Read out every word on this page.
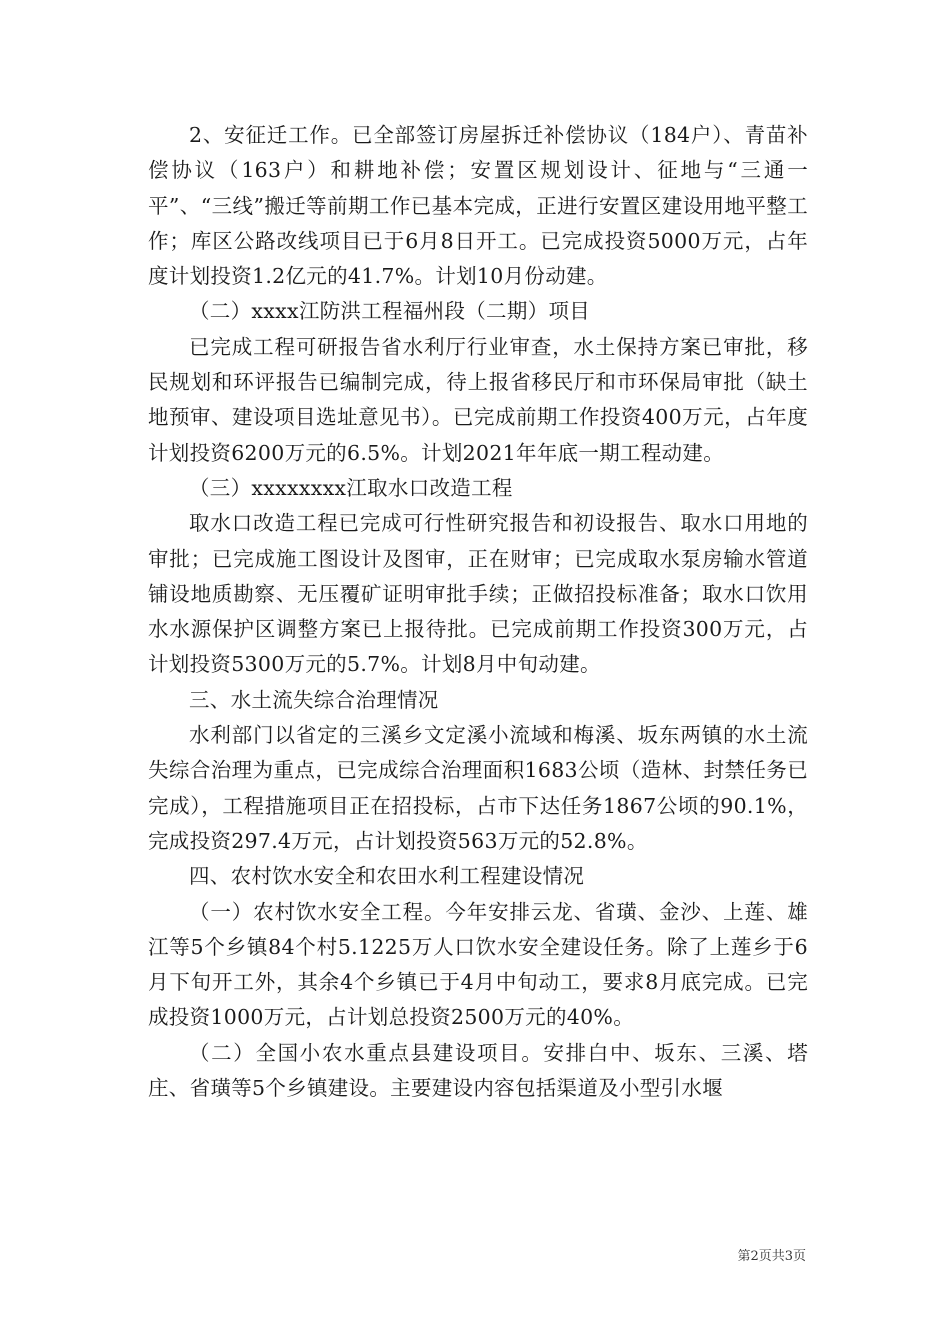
2、安征迁工作。已全部签订房屋拆迁补偿协议（184户）、青苗补偿协议（163户）和耕地补偿；安置区规划设计、征地与“三通一平”、“三线”搬迁等前期工作已基本完成，正进行安置区建设用地平整工作；库区公路改线项目已于6月8日开工。已完成投资5000万元，占年度计划投资1.2亿元的41.7%。计划10月份动建。

（二）xxxx江防洪工程福州段（二期）项目

已完成工程可研报告省水利厅行业审查，水土保持方案已审批，移民规划和环评报告已编制完成，待上报省移民厅和市环保局审批（缺土地预审、建设项目选址意见书）。已完成前期工作投资400万元，占年度计划投资6200万元的6.5%。计划2021年年底一期工程动建。

（三）xxxxxxxx江取水口改造工程

取水口改造工程已完成可行性研究报告和初设报告、取水口用地的审批；已完成施工图设计及图审，正在财审；已完成取水泵房输水管道铺设地质勘察、无压覆矿证明审批手续；正做招投标准备；取水口饮用水水源保护区调整方案已上报待批。已完成前期工作投资300万元，占计划投资5300万元的5.7%。计划8月中旬动建。

三、水土流失综合治理情况

水利部门以省定的三溪乡文定溪小流域和梅溪、坂东两镇的水土流失综合治理为重点，已完成综合治理面积1683公顷（造林、封禁任务已完成），工程措施项目正在招投标，占市下达任务1867公顷的90.1%，完成投资297.4万元，占计划投资563万元的52.8%。

四、农村饮水安全和农田水利工程建设情况

（一）农村饮水安全工程。今年安排云龙、省璜、金沙、上莲、雄江等5个乡镇84个村5.1225万人口饮水安全建设任务。除了上莲乡于6月下旬开工外，其余4个乡镇已于4月中旬动工，要求8月底完成。已完成投资1000万元，占计划总投资2500万元的40%。

（二）全国小农水重点县建设项目。安排白中、坂东、三溪、塔庄、省璜等5个乡镇建设。主要建设内容包括渠道及小型引水堰

第2页共3页
